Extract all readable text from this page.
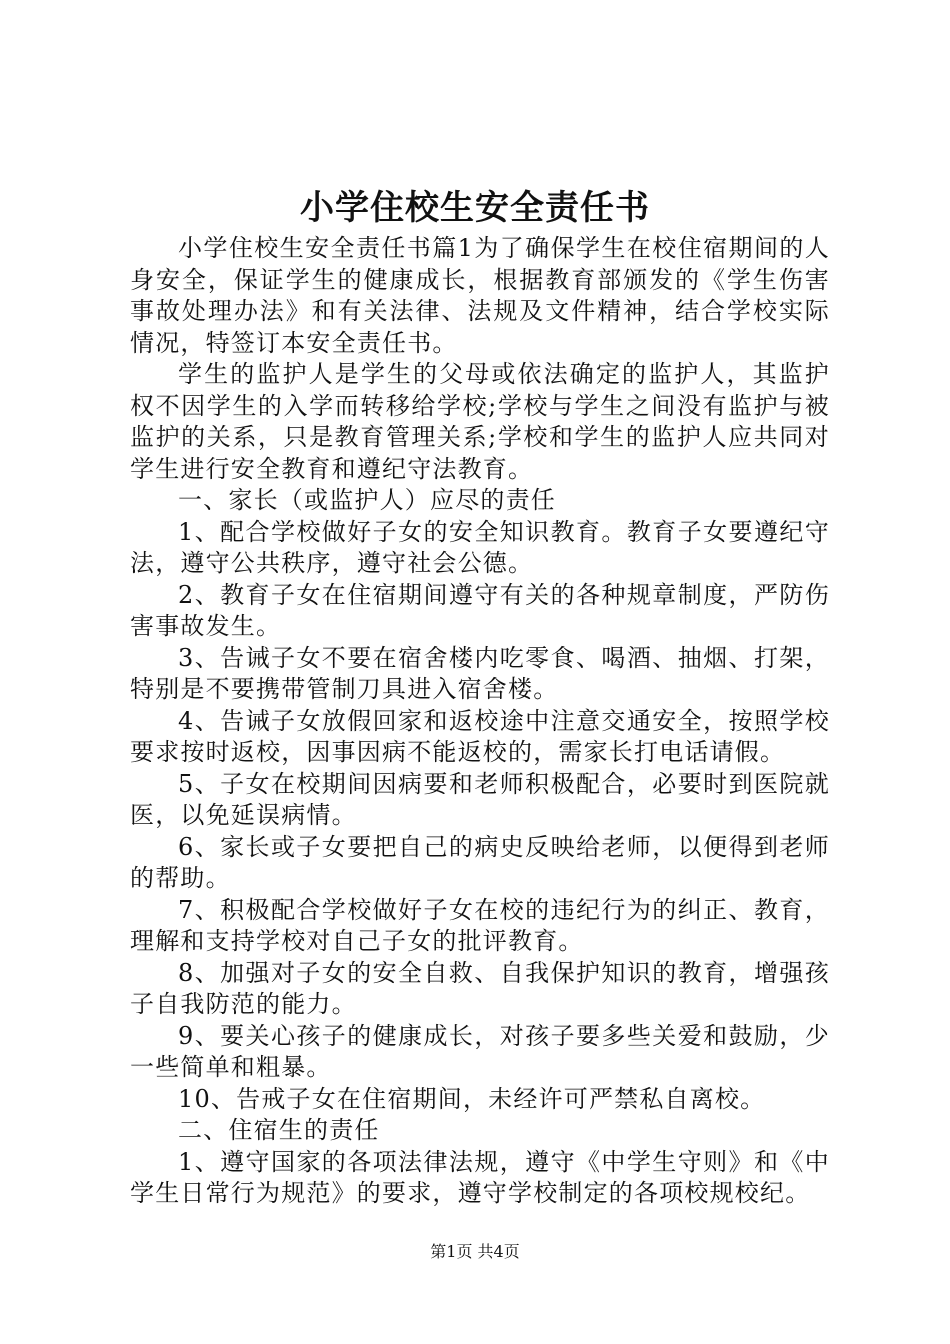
小学住校生安全责任书

小学住校生安全责任书篇1为了确保学生在校住宿期间的人身安全，保证学生的健康成长，根据教育部颁发的《学生伤害事故处理办法》和有关法律、法规及文件精神，结合学校实际情况，特签订本安全责任书。

学生的监护人是学生的父母或依法确定的监护人，其监护权不因学生的入学而转移给学校;学校与学生之间没有监护与被监护的关系，只是教育管理关系;学校和学生的监护人应共同对学生进行安全教育和遵纪守法教育。

一、家长（或监护人）应尽的责任

1、配合学校做好子女的安全知识教育。教育子女要遵纪守法，遵守公共秩序，遵守社会公德。

2、教育子女在住宿期间遵守有关的各种规章制度，严防伤害事故发生。

3、告诫子女不要在宿舍楼内吃零食、喝酒、抽烟、打架，特别是不要携带管制刀具进入宿舍楼。

4、告诫子女放假回家和返校途中注意交通安全，按照学校要求按时返校，因事因病不能返校的，需家长打电话请假。

5、子女在校期间因病要和老师积极配合，必要时到医院就医，以免延误病情。

6、家长或子女要把自己的病史反映给老师，以便得到老师的帮助。

7、积极配合学校做好子女在校的违纪行为的纠正、教育，理解和支持学校对自己子女的批评教育。

8、加强对子女的安全自救、自我保护知识的教育，增强孩子自我防范的能力。

9、要关心孩子的健康成长，对孩子要多些关爱和鼓励，少一些简单和粗暴。

10、告戒子女在住宿期间，未经许可严禁私自离校。

二、住宿生的责任

1、遵守国家的各项法律法规，遵守《中学生守则》和《中学生日常行为规范》的要求，遵守学校制定的各项校规校纪。

第1页 共4页
